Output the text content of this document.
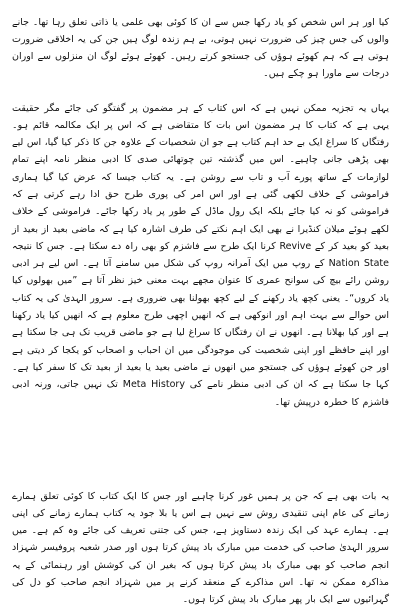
کیا اور ہر اس شخص کو یاد رکھا جس سے ان کا کوئی بھی علمی یا ذاتی تعلق رہا تھا۔ جانے والوں کی جس چیز کی ضرورت نہیں ہوتی، بے ہم زندہ لوگ ہیں جن کی یہ اخلاقی ضرورت ہوتی ہے کہ ہم کھوئے ہوؤں کی جستجو کرتے رہیں۔ کھوئے ہوئے لوگ ان منزلوں سے اوران درجات سے ماورا ہو چکے ہیں۔

یہاں یہ تجزیہ ممکن نہیں ہے کہ اس کتاب کے ہر مضمون پر گفتگو کی جائے مگر حقیقت یہی ہے کہ کتاب کا ہر مضمون اس بات کا متقاضی ہے کہ اس پر ایک مکالمہ قائم ہو۔ رفتگاں کا سراغ ایک بے حد اہم کتاب ہے جو ان شخصیات کے علاوہ جن کا ذکر کیا گیا، اس لیے بھی پڑھی جانی چاہیے۔ اس میں گذشتہ تین چوتھائی صدی کا ادبی منظر نامہ اپنے تمام لوازمات کے ساتھ پورے آب و تاب سے روشن ہے۔ یہ کتاب جیسا کہ عرض کیا گیا ہماری فراموشی کے خلاف لکھی گئی ہے اور اس امر کی پوری طرح حق ادا رہے کرتی ہے کہ فراموشی کو نہ کیا جائے بلکہ ایک رول ماڈل کے طور پر یاد رکھا جائے۔ فراموشی کے خلاف لکھے ہوئے میلان کنڈیرا نے بھی ایک اہم نکتے کی طرف اشارہ کیا ہے کہ ماضی بعید از بعید از بعید کو بعید کر کے Revive کرنا ایک طرح سے فاشزم کو بھی راہ دے سکتا ہے۔ جس کا نتیجہ Nation State کے روپ میں ایک آمرانہ روپ کی شکل میں سامنے آتا ہے۔ اس لیے ہر ادبی روشن رائے بیچ کی سوانح عمری کا عنوان مجھے بہت معنی خیز نظر آتا ہے ”میں بھولوں کیا یاد کروں“۔ یعنی کچھ یاد رکھنے کے لیے کچھ بھولنا بھی ضروری ہے۔ سرور الہدیٰ کی یہ کتاب اس حوالے سے بہت اہم اور انوکھی ہے کہ انھیں اچھی طرح معلوم ہے کہ انھیں کیا یاد رکھنا ہے اور کیا بھلانا ہے۔ انھوں نے ان رفتگاں کا سراغ لیا ہے جو ماضی قریب تک ہی جا سکتا ہے اور اپنے حافظے اور اپنی شخصیت کی موجودگی میں ان احباب و اصحاب کو یکجا کر دیتی ہے اور جن کھوئے ہوؤں کی جستجو میں انھوں نے ماضی بعید یا بعید از بعید تک کا سفر کیا ہے۔ کہا جا سکتا ہے کہ ان کی ادبی منظر نامے کی Meta History تک نہیں جاتی، ورنہ ادبی فاشزم کا خطرہ درپیش تھا۔

یہ بات بھی ہے کہ جن پر ہمیں غور کرنا چاہیے اور جس کا ایک کتاب کا کوئی تعلق ہمارے زمانے کی عام اپنی تنقیدی روش سے نہیں ہے اس یا بلا جود یہ کتاب ہمارے زمانے کی اپنی ہے۔ ہمارے عہد کی ایک زندہ دستاویز ہے، جس کی جتنی تعریف کی جائے وہ کم ہے۔ میں سرور الہدیٰ صاحب کی خدمت میں مبارک باد پیش کرتا ہوں اور صدر شعبہ پروفیسر شہزاد انجم صاحب کو بھی مبارک باد پیش کرتا ہوں کہ بغیر ان کی کوشش اور رہنمائی کے یہ مذاکرہ ممکن نہ تھا۔ اس مذاکرے کے منعقد کرنے پر میں شہزاد انجم صاحب کو دل کی گہرائیوں سے ایک بار پھر مبارک باد پیش کرتا ہوں۔
